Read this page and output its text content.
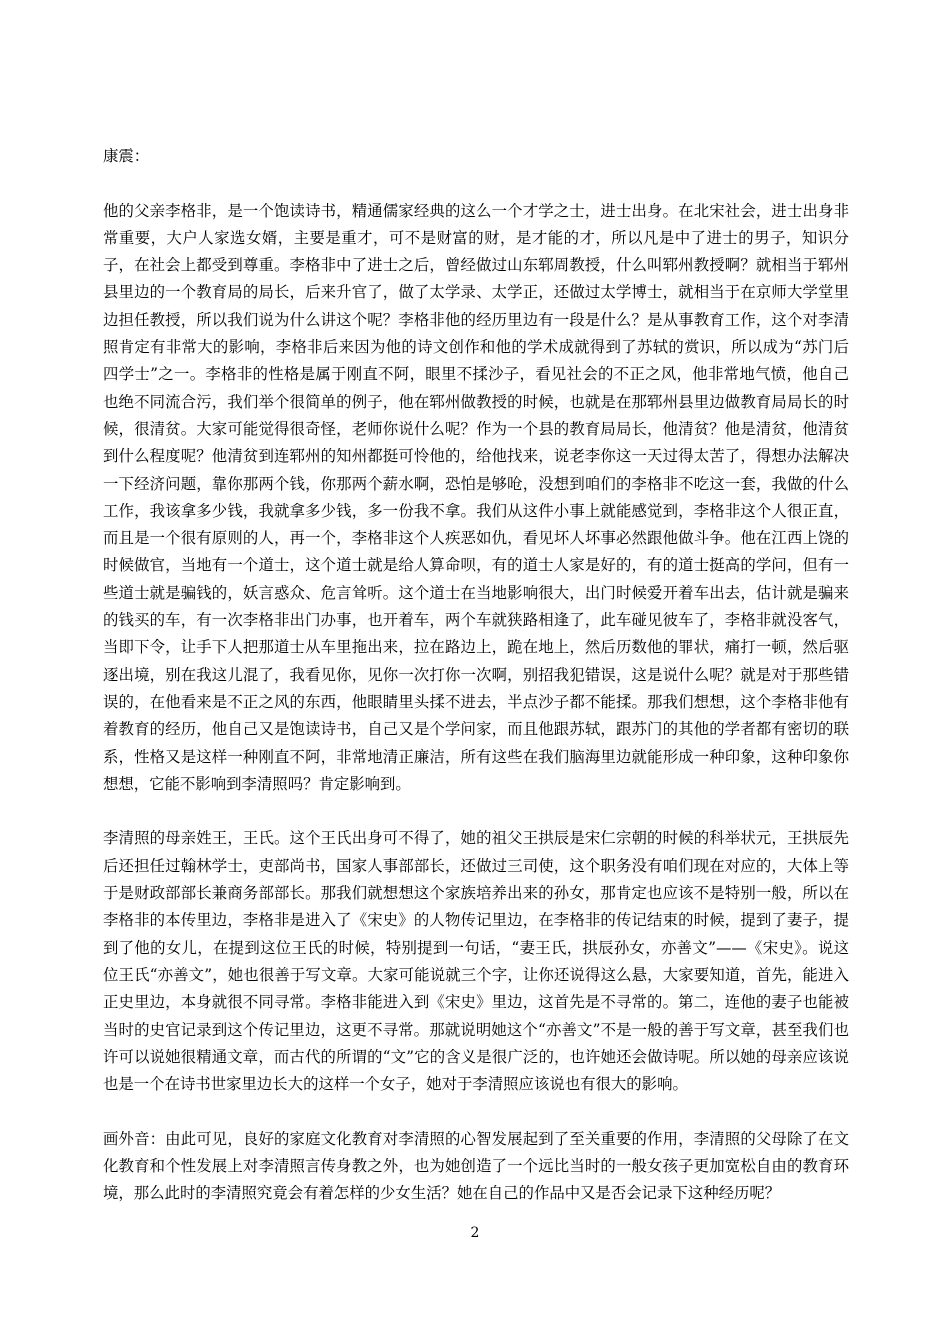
康震：

他的父亲李格非，是一个饱读诗书，精通儒家经典的这么一个才学之士，进士出身。在北宋社会，进士出身非常重要，大户人家选女婿，主要是重才，可不是财富的财，是才能的才，所以凡是中了进士的男子，知识分子，在社会上都受到尊重。李格非中了进士之后，曾经做过山东郓周教授，什么叫郓州教授啊？就相当于郓州县里边的一个教育局的局长，后来升官了，做了太学录、太学正，还做过太学博士，就相当于在京师大学堂里边担任教授，所以我们说为什么讲这个呢？李格非他的经历里边有一段是什么？是从事教育工作，这个对李清照肯定有非常大的影响，李格非后来因为他的诗文创作和他的学术成就得到了苏轼的赏识，所以成为“苏门后四学士”之一。李格非的性格是属于刚直不阿，眼里不揉沙子，看见社会的不正之风，他非常地气愤，他自己也绝不同流合污，我们举个很简单的例子，他在郓州做教授的时候，也就是在那郓州县里边做教育局局长的时候，很清贫。大家可能觉得很奇怪，老师你说什么呢？作为一个县的教育局局长，他清贫？他是清贫，他清贫到什么程度呢？他清贫到连郓州的知州都挺可怜他的，给他找来，说老李你这一天过得太苦了，得想办法解决一下经济问题，靠你那两个钱，你那两个薪水啊，恐怕是够呛，没想到咱们的李格非不吃这一套，我做的什么工作，我该拿多少钱，我就拿多少钱，多一份我不拿。我们从这件小事上就能感觉到，李格非这个人很正直，而且是一个很有原则的人，再一个，李格非这个人疾恶如仇，看见坏人坏事必然跟他做斗争。他在江西上饶的时候做官，当地有一个道士，这个道士就是给人算命呗，有的道士人家是好的，有的道士挺高的学问，但有一些道士就是骗钱的，妖言惑众、危言耸听。这个道士在当地影响很大，出门时候爱开着车出去，估计就是骗来的钱买的车，有一次李格非出门办事，也开着车，两个车就狭路相逢了，此车碰见彼车了，李格非就没客气，当即下令，让手下人把那道士从车里拖出来，拉在路边上，跪在地上，然后历数他的罪状，痛打一顿，然后驱逐出境，别在我这儿混了，我看见你，见你一次打你一次啊，别招我犯错误，这是说什么呢？就是对于那些错误的，在他看来是不正之风的东西，他眼睛里头揉不进去，半点沙子都不能揉。那我们想想，这个李格非他有着教育的经历，他自己又是饱读诗书，自己又是个学问家，而且他跟苏轼，跟苏门的其他的学者都有密切的联系，性格又是这样一种刚直不阿，非常地清正廉洁，所有这些在我们脑海里边就能形成一种印象，这种印象你想想，它能不影响到李清照吗？肯定影响到。

李清照的母亲姓王，王氏。这个王氏出身可不得了，她的祖父王拱辰是宋仁宗朝的时候的科举状元，王拱辰先后还担任过翰林学士，吏部尚书，国家人事部部长，还做过三司使，这个职务没有咱们现在对应的，大体上等于是财政部部长兼商务部部长。那我们就想想这个家族培养出来的孙女，那肯定也应该不是特别一般，所以在李格非的本传里边，李格非是进入了《宋史》的人物传记里边，在李格非的传记结束的时候，提到了妻子，提到了他的女儿，在提到这位王氏的时候，特别提到一句话，“妻王氏，拱辰孙女，亦善文”——《宋史》。说这位王氏“亦善文”，她也很善于写文章。大家可能说就三个字，让你还说得这么悬，大家要知道，首先，能进入正史里边，本身就很不同寻常。李格非能进入到《宋史》里边，这首先是不寻常的。第二，连他的妻子也能被当时的史官记录到这个传记里边，这更不寻常。那就说明她这个“亦善文”不是一般的善于写文章，甚至我们也许可以说她很精通文章，而古代的所谓的“文”它的含义是很广泛的，也许她还会做诗呢。所以她的母亲应该说也是一个在诗书世家里边长大的这样一个女子，她对于李清照应该说也有很大的影响。

画外音：由此可见，良好的家庭文化教育对李清照的心智发展起到了至关重要的作用，李清照的父母除了在文化教育和个性发展上对李清照言传身教之外，也为她创造了一个远比当时的一般女孩子更加宽松自由的教育环境，那么此时的李清照究竟会有着怎样的少女生活？她在自己的作品中又是否会记录下这种经历呢？

2
